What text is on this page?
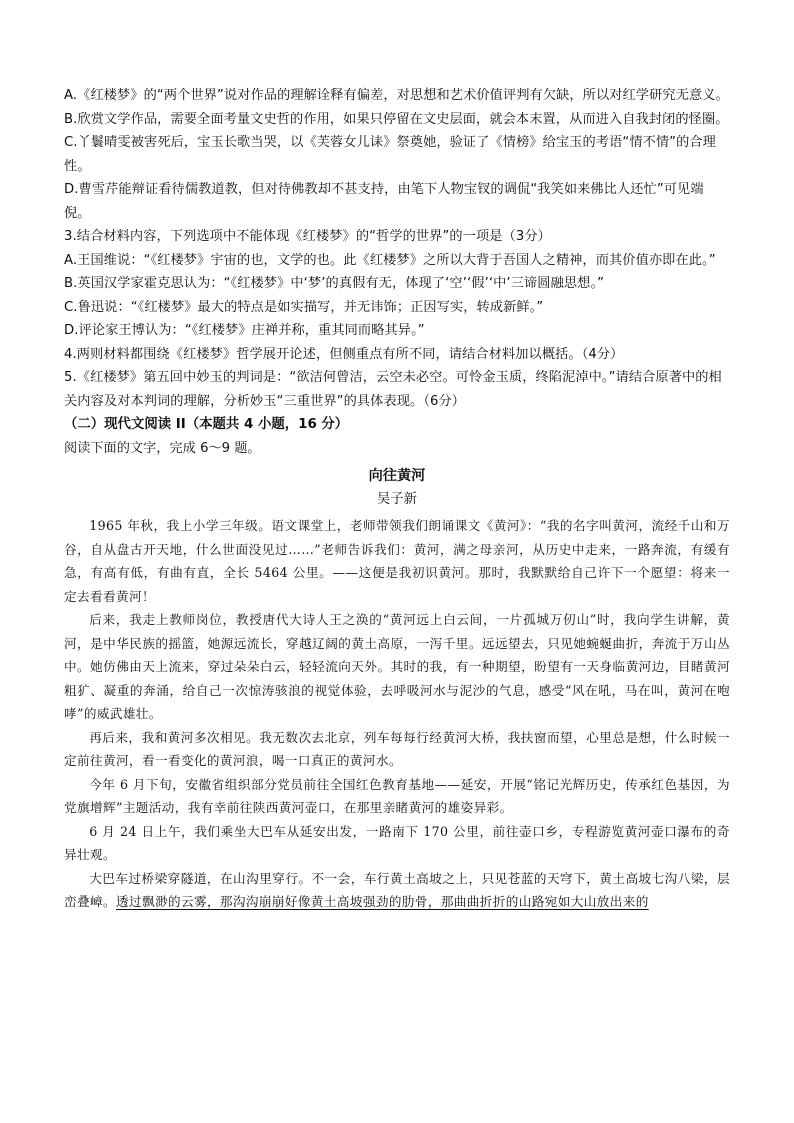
A.《红楼梦》的“两个世界”说对作品的理解诠释有偏差，对思想和艺术价值评判有欠缺，所以对红学研究无意义。

B.欣赏文学作品，需要全面考量文史哲的作用，如果只停留在文史层面，就会本末置，从而进入自我封闭的怪圈。

C.丫鬟晴雯被害死后，宝玉长歌当哭，以《芙蓉女儿诔》祭奠她，验证了《情榜》给宝玉的考语“情不情”的合理性。

D.曹雪芹能辩证看待儒教道教，但对待佛教却不甚支持，由笔下人物宝钗的调侃“我笑如来佛比人还忙”可见端倪。

3.结合材料内容，下列选项中不能体现《红楼梦》的“哲学的世界”的一项是（3分）

A.王国维说：“《红楼梦》宇宙的也，文学的也。此《红楼梦》之所以大背于吾国人之精神，而其价值亦即在此。”

B.英国汉学家霍克思认为：“《红楼梦》中‘梦’的真假有无，体现了‘空’‘假’‘中’三谛圆融思想。”

C.鲁迅说：“《红楼梦》最大的特点是如实描写，并无讳饰；正因写实，转成新鲜。”

D.评论家王博认为：“《红楼梦》庄禅并称，重其同而略其异。”

4.两则材料都围绕《红楼梦》哲学展开论述，但侧重点有所不同，请结合材料加以概括。（4分）

5.《红楼梦》第五回中妙玉的判词是：“欲洁何曾洁，云空未必空。可怜金玉质，终陷泥淖中。”请结合原著中的相关内容及对本判词的理解，分析妙玉“三重世界”的具体表现。（6分）

（二）现代文阅读 II（本题共 4 小题，16 分）

阅读下面的文字，完成 6～9 题。

向往黄河
吴子新

1965 年秋，我上小学三年级。语文课堂上，老师带领我们朗诵课文《黄河》：“我的名字叫黄河，流经千山和万谷，自从盘古开天地，什么世面没见过……”老师告诉我们：黄河，满之母亲河，从历史中走来，一路奔流，有缓有急，有高有低，有曲有直，全长 5464 公里。——这便是我初识黄河。那时，我默默给自己许下一个愿望：将来一定去看看黄河！

后来，我走上教师岗位，教授唐代大诗人王之涣的“黄河远上白云间，一片孤城万仞山”时，我向学生讲解，黄河，是中华民族的摇篮，她源远流长，穿越辽阔的黄土高原，一泻千里。远远望去，只见她蜿蜒曲折，奔流于万山丛中。她仿佛由天上流来，穿过朵朵白云，轻轻流向天外。其时的我，有一种期望，盼望有一天身临黄河边，目睹黄河粗犷、凝重的奔涌，给自己一次惊涛骇浪的视觉体验，去呼吸河水与泥沙的气息，感受“风在吼，马在叫，黄河在咆哮”的威武雄壮。

再后来，我和黄河多次相见。我无数次去北京，列车每每行经黄河大桥，我扶窗而望，心里总是想，什么时候一定前往黄河，看一看变化的黄河浪，喝一口真正的黄河水。

今年 6 月下旬，安徽省组织部分党员前往全国红色教育基地——延安，开展“铭记光辉历史，传承红色基因，为党旗增辉”主题活动，我有幸前往陕西黄河壶口，在那里亲睹黄河的雄姿异彩。

6 月 24 日上午，我们乘坐大巴车从延安出发，一路南下 170 公里，前往壶口乡，专程游览黄河壶口瀑布的奇异壮观。

大巴车过桥梁穿隧道，在山沟里穿行。不一会，车行黄土高坡之上，只见苍蓝的天穹下，黄土高坡七沟八梁，层峦叠嶂。透过飘渺的云雾，那沟沟崩崩好像黄土高坡强劲的肋骨，那曲曲折折的山路宛如大山放出来的
